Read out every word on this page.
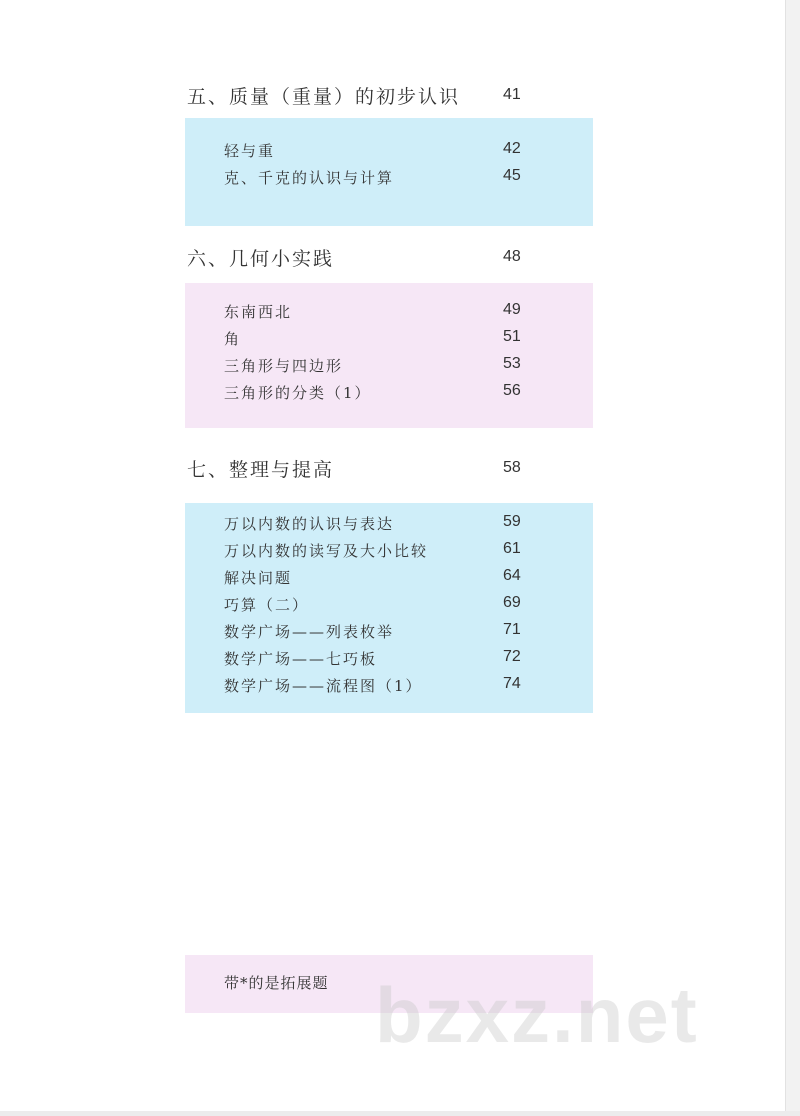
五、质量（重量）的初步认识	41
轻与重	42
克、千克的认识与计算	45
六、几何小实践	48
东南西北	49
角	51
三角形与四边形	53
三角形的分类（1）	56
七、整理与提高	58
万以内数的认识与表达	59
万以内数的读写及大小比较	61
解决问题	64
巧算（二）	69
数学广场——列表枚举	71
数学广场——七巧板	72
数学广场——流程图（1）	74
带*的是拓展题 bzxz.net
